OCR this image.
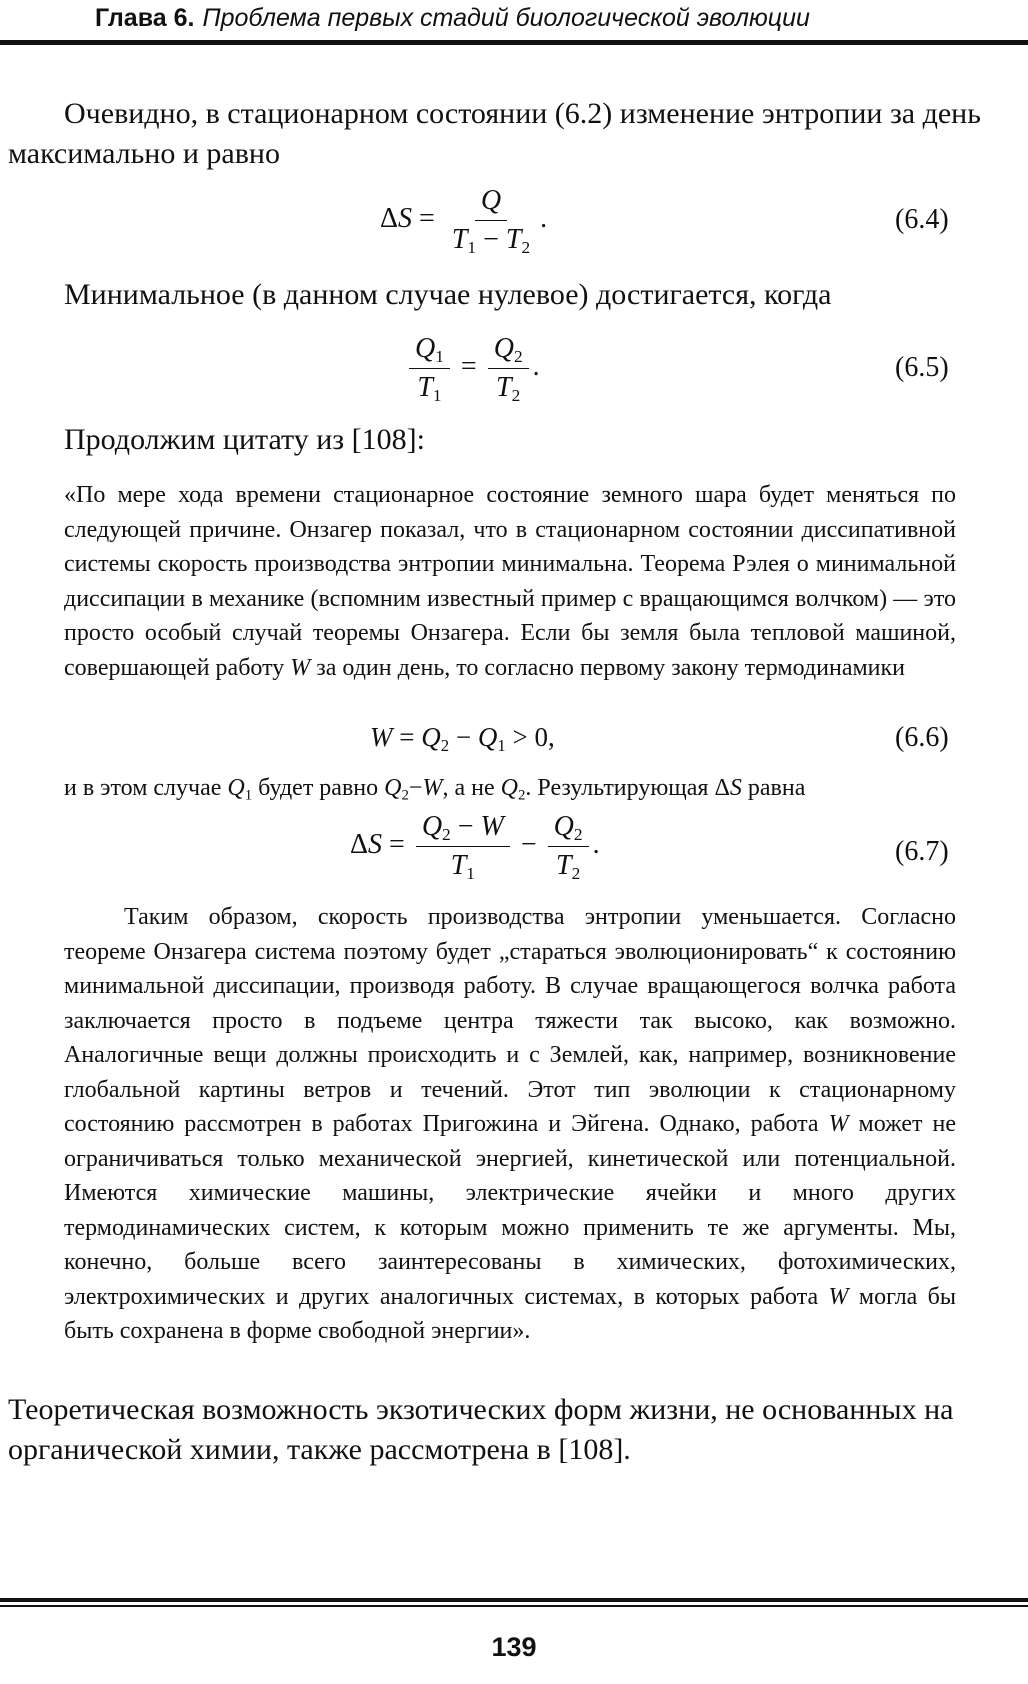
Глава 6. Проблема первых стадий биологической эволюции
Очевидно, в стационарном состоянии (6.2) изменение энтропии за день максимально и равно
$\Delta S = \frac{Q}{T_1 - T_2}$ .	(6.4)
Минимальное (в данном случае нулевое) достигается, когда
$\frac{Q_1}{T_1} = \frac{Q_2}{T_2}$ .	(6.5)
Продолжим цитату из [108]:
«По мере хода времени стационарное состояние земного шара будет меняться по следующей причине. Онзагер показал, что в стационарном состоянии диссипативной системы скорость производства энтропии минимальна. Теорема Рэлея о минимальной диссипации в механике (вспомним известный пример с вращающимся волчком) — это просто особый случай теоремы Онзагера. Если бы земля была тепловой машиной, совершающей работу W за один день, то согласно первому закону термодинамики
$W = Q_2 - Q_1 > 0$,	(6.6)
и в этом случае $Q_1$ будет равно $Q_2-W$, а не $Q_2$. Результирующая ΔS равна
$\Delta S = \frac{Q_2 - W}{T_1} - \frac{Q_2}{T_2}$ .	(6.7)
Таким образом, скорость производства энтропии уменьшается. Согласно теореме Онзагера система поэтому будет „стараться эволюционировать“ к состоянию минимальной диссипации, производя работу. В случае вращающегося волчка работа заключается просто в подъеме центра тяжести так высоко, как возможно. Аналогичные вещи должны происходить и с Землей, как, например, возникновение глобальной картины ветров и течений. Этот тип эволюции к стационарному состоянию рассмотрен в работах Пригожина и Эйгена. Однако, работа W может не ограничиваться только механической энергией, кинетической или потенциальной. Имеются химические машины, электрические ячейки и много других термодинамических систем, к которым можно применить те же аргументы. Мы, конечно, больше всего заинтересованы в химических, фотохимических, электрохимических и других аналогичных системах, в которых работа W могла бы быть сохранена в форме свободной энергии».
Теоретическая возможность экзотических форм жизни, не основанных на органической химии, также рассмотрена в [108].
139
